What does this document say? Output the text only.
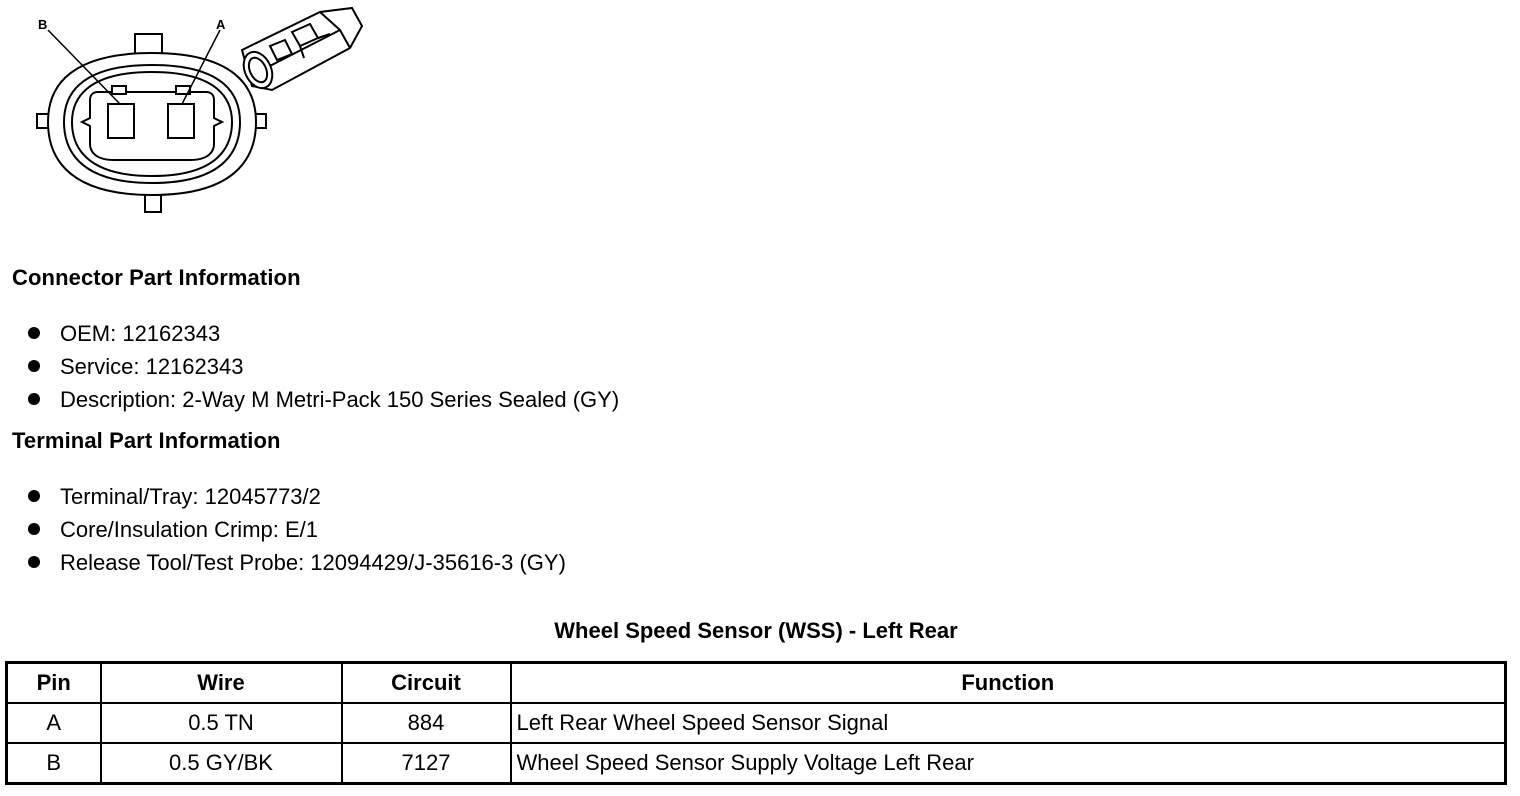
B	A
Connector Part Information
OEM: 12162343
Service: 12162343
Description: 2-Way M Metri-Pack 150 Series Sealed (GY)
Terminal Part Information
Terminal/Tray: 12045773/2
Core/Insulation Crimp: E/1
Release Tool/Test Probe: 12094429/J-35616-3 (GY)
Wheel Speed Sensor (WSS) - Left Rear
Pin	Wire	Circuit	Function
A	0.5 TN	884	Left Rear Wheel Speed Sensor Signal
B	0.5 GY/BK	7127	Wheel Speed Sensor Supply Voltage Left Rear
